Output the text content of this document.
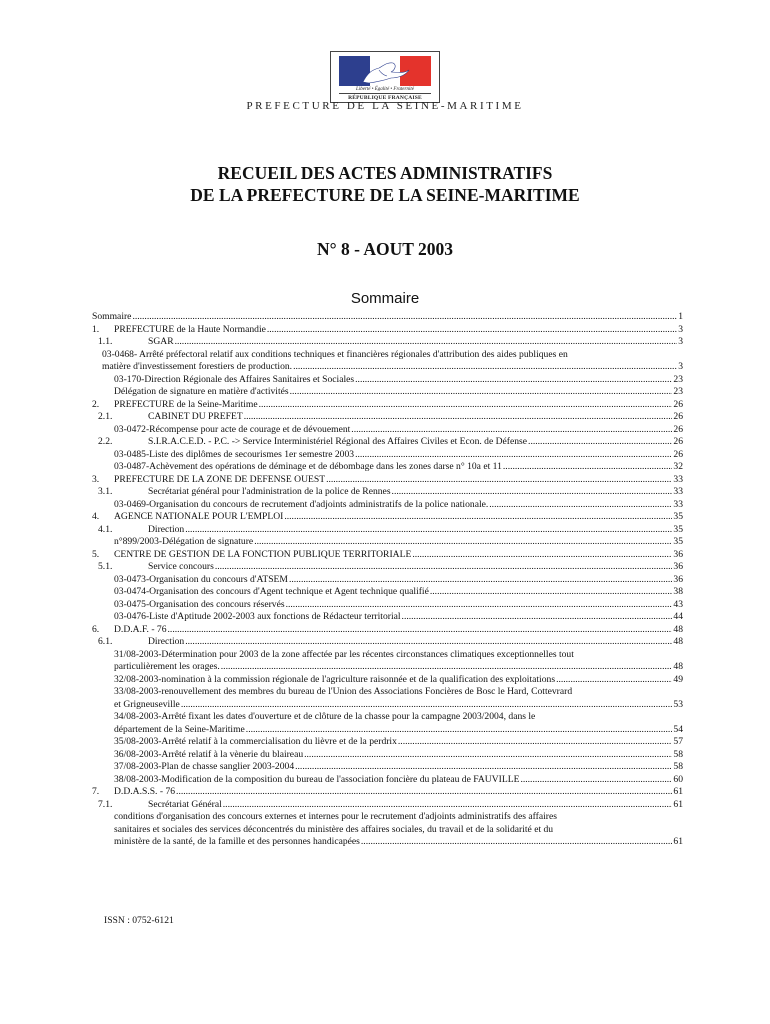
Liberté • Égalité • Fraternité
RÉPUBLIQUE FRANÇAISE
PREFECTURE DE LA SEINE-MARITIME
RECUEIL DES ACTES ADMINISTRATIFS
DE LA PREFECTURE DE LA SEINE-MARITIME
N° 8 - AOUT 2003
Sommaire
Sommaire .....	1
1. PREFECTURE de la Haute Normandie .....	3
1.1.	SGAR .....	3
03-0468- Arrêté préfectoral relatif aux conditions techniques et financières régionales d'attribution des aides publiques en
matière d'investissement forestiers de production. .....	3
03-170-Direction Régionale des Affaires Sanitaires et Sociales .....	23
Délégation de signature en matière d'activités .....	23
2. PREFECTURE de la Seine-Maritime .....	26
2.1.	CABINET DU PREFET .....	26
03-0472-Récompense pour acte de courage et de dévouement .....	26
2.2.	S.I.R.A.C.E.D. - P.C. -> Service Interministériel Régional des Affaires Civiles et Econ. de Défense .....	26
03-0485-Liste des diplômes de secourismes 1er semestre 2003 .....	26
03-0487-Achèvement des opérations de déminage et de débombage dans les zones darse n° 10a et 11 .....	32
3. PREFECTURE DE LA ZONE DE DEFENSE OUEST .....	33
3.1.	Secrétariat général pour l'administration de la police de Rennes .....	33
03-0469-Organisation du concours de recrutement d'adjoints administratifs de la police nationale. .....	33
4. AGENCE NATIONALE POUR L'EMPLOI .....	35
4.1.	Direction .....	35
n°899/2003-Délégation de signature .....	35
5. CENTRE DE GESTION DE LA FONCTION PUBLIQUE TERRITORIALE .....	36
5.1.	Service concours .....	36
03-0473-Organisation du concours d'ATSEM .....	36
03-0474-Organisation des concours d'Agent technique et Agent technique qualifié .....	38
03-0475-Organisation des concours réservés .....	43
03-0476-Liste d'Aptitude 2002-2003 aux fonctions de Rédacteur territorial .....	44
6. D.D.A.F. - 76 .....	48
6.1.	Direction .....	48
31/08-2003-Détermination pour 2003 de la zone affectée par les récentes circonstances climatiques exceptionnelles tout
particulièrement les orages. .....	48
32/08-2003-nomination à la commission régionale de l'agriculture raisonnée et de la qualification des exploitations .....	49
33/08-2003-renouvellement des membres du bureau de l'Union des Associations Foncières de Bosc le Hard, Cottevrard
et Grigneuseville .....	53
34/08-2003-Arrêté fixant les dates d'ouverture et de clôture de la chasse pour la campagne 2003/2004, dans le
département de la Seine-Maritime .....	54
35/08-2003-Arrêté relatif à la commercialisation du lièvre et de la perdrix .....	57
36/08-2003-Arrêté relatif à la vènerie du blaireau .....	58
37/08-2003-Plan de chasse sanglier 2003-2004 .....	58
38/08-2003-Modification de la composition du bureau de l'association foncière du plateau de FAUVILLE .....	60
7. D.D.A.S.S. - 76 .....	61
7.1.	Secrétariat Général .....	61
conditions d'organisation des concours externes et internes pour le recrutement d'adjoints administratifs des affaires
sanitaires et sociales des services déconcentrés du ministère des affaires sociales, du travail et de la solidarité et du
ministère de la santé, de la famille et des personnes handicapées .....	61
ISSN : 0752-6121
